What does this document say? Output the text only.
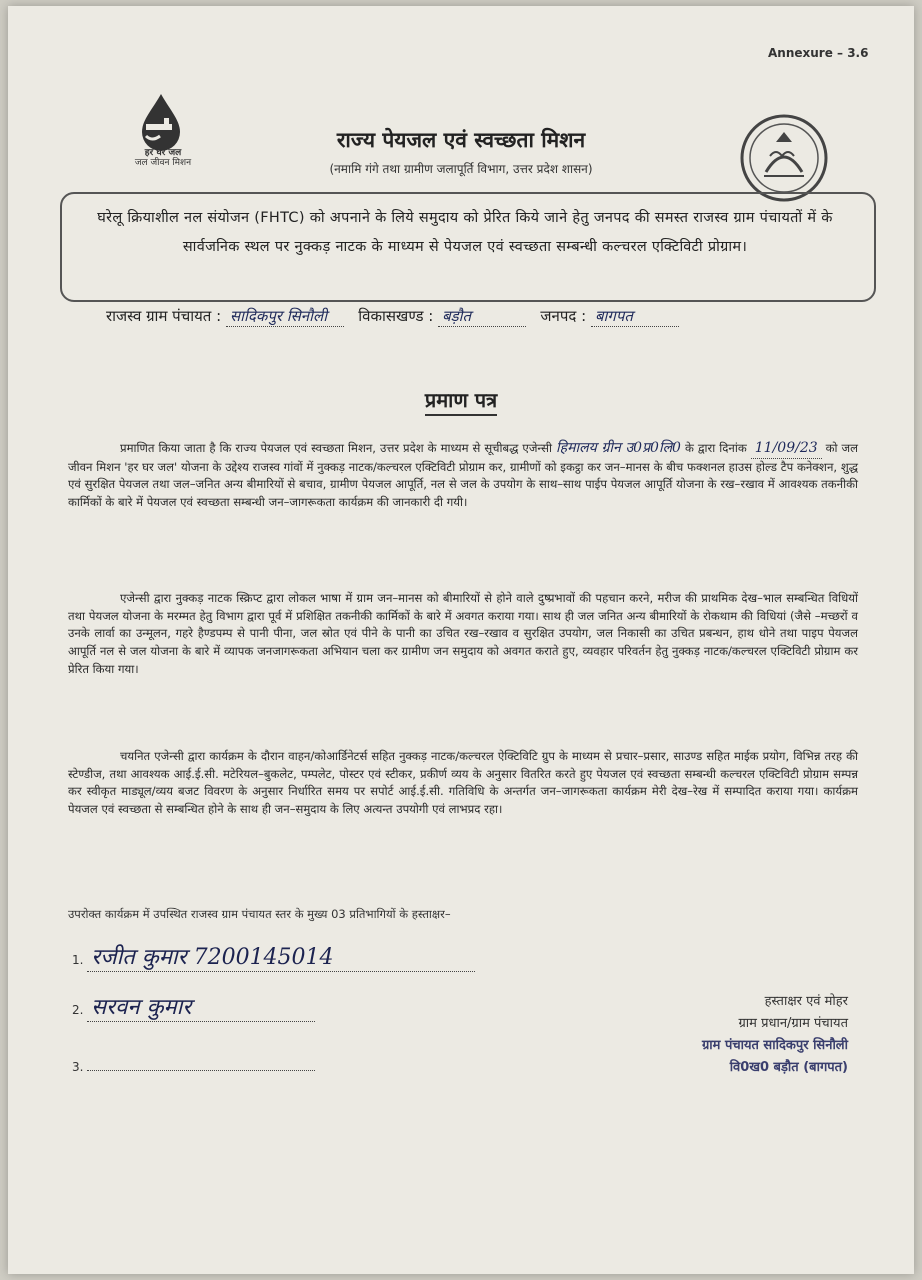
Annexure – 3.6
हर घर जल
जल जीवन मिशन
राज्य पेयजल एवं स्वच्छता मिशन
(नमामि गंगे तथा ग्रामीण जलापूर्ति विभाग, उत्तर प्रदेश शासन)
घरेलू क्रियाशील नल संयोजन (FHTC) को अपनाने के लिये समुदाय को प्रेरित किये जाने हेतु जनपद की समस्त राजस्व ग्राम पंचायतों में के सार्वजनिक स्थल पर नुक्कड़ नाटक के माध्यम से पेयजल एवं स्वच्छता सम्बन्धी कल्चरल एक्टिविटी प्रोग्राम।
राजस्व ग्राम पंचायत : सादिकपुर सिनौली विकासखण्ड : बड़ौत	जनपद : बागपत
प्रमाण पत्र
प्रमाणित किया जाता है कि राज्य पेयजल एवं स्वच्छता मिशन, उत्तर प्रदेश के माध्यम से सूचीबद्ध एजेन्सी हिमालय ग्रीन उ0प्र0लि0 के द्वारा दिनांक 11/09/23 को जल जीवन मिशन 'हर घर जल' योजना के उद्देश्य राजस्व गांवों में नुक्कड़ नाटक/कल्चरल एक्टिविटी प्रोग्राम कर, ग्रामीणों को इकट्ठा कर जन–मानस के बीच फक्शनल हाउस होल्ड टैप कनेक्शन, शुद्ध एवं सुरक्षित पेयजल तथा जल–जनित अन्य बीमारियों से बचाव, ग्रामीण पेयजल आपूर्ति, नल से जल के उपयोग के साथ–साथ पाईप पेयजल आपूर्ति योजना के रख–रखाव में आवश्यक तकनीकी कार्मिकों के बारे में पेयजल एवं स्वच्छता सम्बन्धी जन–जागरूकता कार्यक्रम की जानकारी दी गयी।
एजेन्सी द्वारा नुक्कड़ नाटक स्क्रिप्ट द्वारा लोकल भाषा में ग्राम जन–मानस को बीमारियों से होने वाले दुष्प्रभावों की पहचान करने, मरीज की प्राथमिक देख–भाल सम्बन्धित विधियों तथा पेयजल योजना के मरम्मत हेतु विभाग द्वारा पूर्व में प्रशिक्षित तकनीकी कार्मिकों के बारे में अवगत कराया गया। साथ ही जल जनित अन्य बीमारियों के रोकथाम की विधियां (जैसे –मच्छरों व उनके लार्वा का उन्मूलन, गहरे हैण्डपम्प से पानी पीना, जल स्रोत एवं पीने के पानी का उचित रख–रखाव व सुरक्षित उपयोग, जल निकासी का उचित प्रबन्धन, हाथ धोने तथा पाइप पेयजल आपूर्ति नल से जल योजना के बारे में व्यापक जनजागरूकता अभियान चला कर ग्रामीण जन समुदाय को अवगत कराते हुए, व्यवहार परिवर्तन हेतु नुक्कड़ नाटक/कल्चरल एक्टिविटी प्रोग्राम कर प्रेरित किया गया।
चयनित एजेन्सी द्वारा कार्यक्रम के दौरान वाहन/कोआर्डिनेटर्स सहित नुक्कड़ नाटक/कल्चरल ऐक्टिविटि ग्रुप के माध्यम से प्रचार–प्रसार, साउण्ड सहित माईक प्रयोग, विभिन्न तरह की स्टेण्डीज, तथा आवश्यक आई.ई.सी. मटेरियल–बुकलेट, पम्पलेट, पोस्टर एवं स्टीकर, प्रकीर्ण व्यय के अनुसार वितरित करते हुए पेयजल एवं स्वच्छता सम्बन्धी कल्चरल एक्टिविटी प्रोग्राम सम्पन्न कर स्वीकृत माड्यूल/व्यय बजट विवरण के अनुसार निर्धारित समय पर सपोर्ट आई.ई.सी. गतिविधि के अन्तर्गत जन–जागरूकता कार्यक्रम मेरी देख–रेख में सम्पादित कराया गया। कार्यक्रम पेयजल एवं स्वच्छता से सम्बन्धित होने के साथ ही जन–समुदाय के लिए अत्यन्त उपयोगी एवं लाभप्रद रहा।
उपरोक्त कार्यक्रम में उपस्थित राजस्व ग्राम पंचायत स्तर के मुख्य 03 प्रतिभागियों के हस्ताक्षर–
1. रजीत कुमार 7200145014
2. सरवन कुमार
3.
हस्ताक्षर एवं मोहर
ग्राम प्रधान/ग्राम पंचायत
ग्राम पंचायत सादिकपुर सिनौली
वि0ख0 बड़ौत (बागपत)
